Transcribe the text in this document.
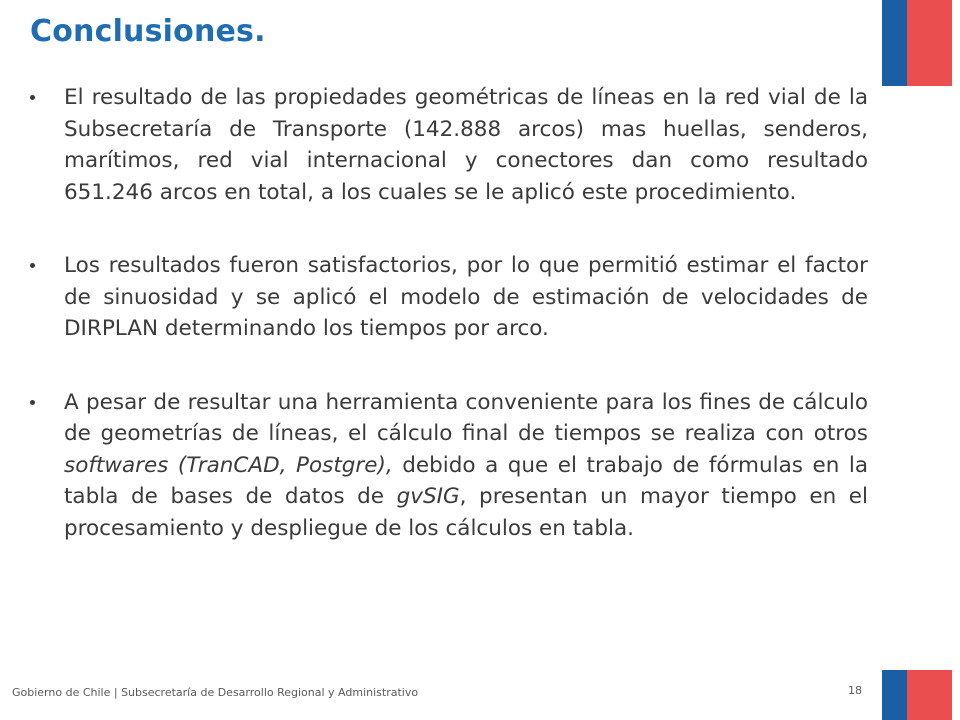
Conclusiones.
El resultado de las propiedades geométricas de líneas en la red vial de la Subsecretaría de Transporte (142.888 arcos) mas huellas, senderos, marítimos, red vial internacional y conectores dan como resultado 651.246 arcos en total, a los cuales se le aplicó este procedimiento.
Los resultados fueron satisfactorios, por lo que permitió estimar el factor de sinuosidad y se aplicó el modelo de estimación de velocidades de DIRPLAN determinando los tiempos por arco.
A pesar de resultar una herramienta conveniente para los fines de cálculo de geometrías de líneas, el cálculo final de tiempos se realiza con otros softwares (TranCAD, Postgre), debido a que el trabajo de fórmulas en la tabla de bases de datos de gvSIG, presentan un mayor tiempo en el procesamiento y despliegue de los cálculos en tabla.
Gobierno de Chile | Subsecretaría de Desarrollo Regional y Administrativo	18
